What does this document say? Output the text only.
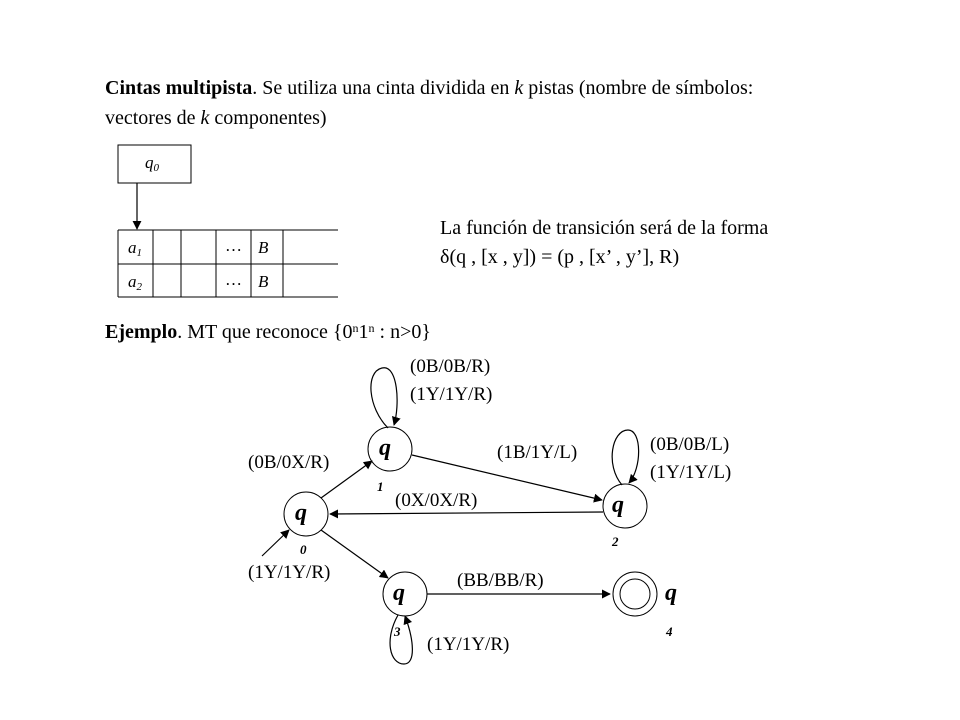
Cintas multipista. Se utiliza una cinta dividida en k pistas (nombre de símbolos:
vectores de k componentes)
$q_0$
$a_1$	… B
$a_2$	… B
La función de transición será de la forma
δ(q , [x , y]) = (p , [x’ , y’], R)
Ejemplo. MT que reconoce {0$^n$1$^n$ : n>0}
q
0
q
1
q
2
q
3
q
4
(0B/0B/R)
(1Y/1Y/R)
(0B/0X/R)	(1B/1Y/L)	(0B/0B/L)
(1Y/1Y/L)
(0X/0X/R)
(1Y/1Y/R)	(BB/BB/R)
(1Y/1Y/R)
